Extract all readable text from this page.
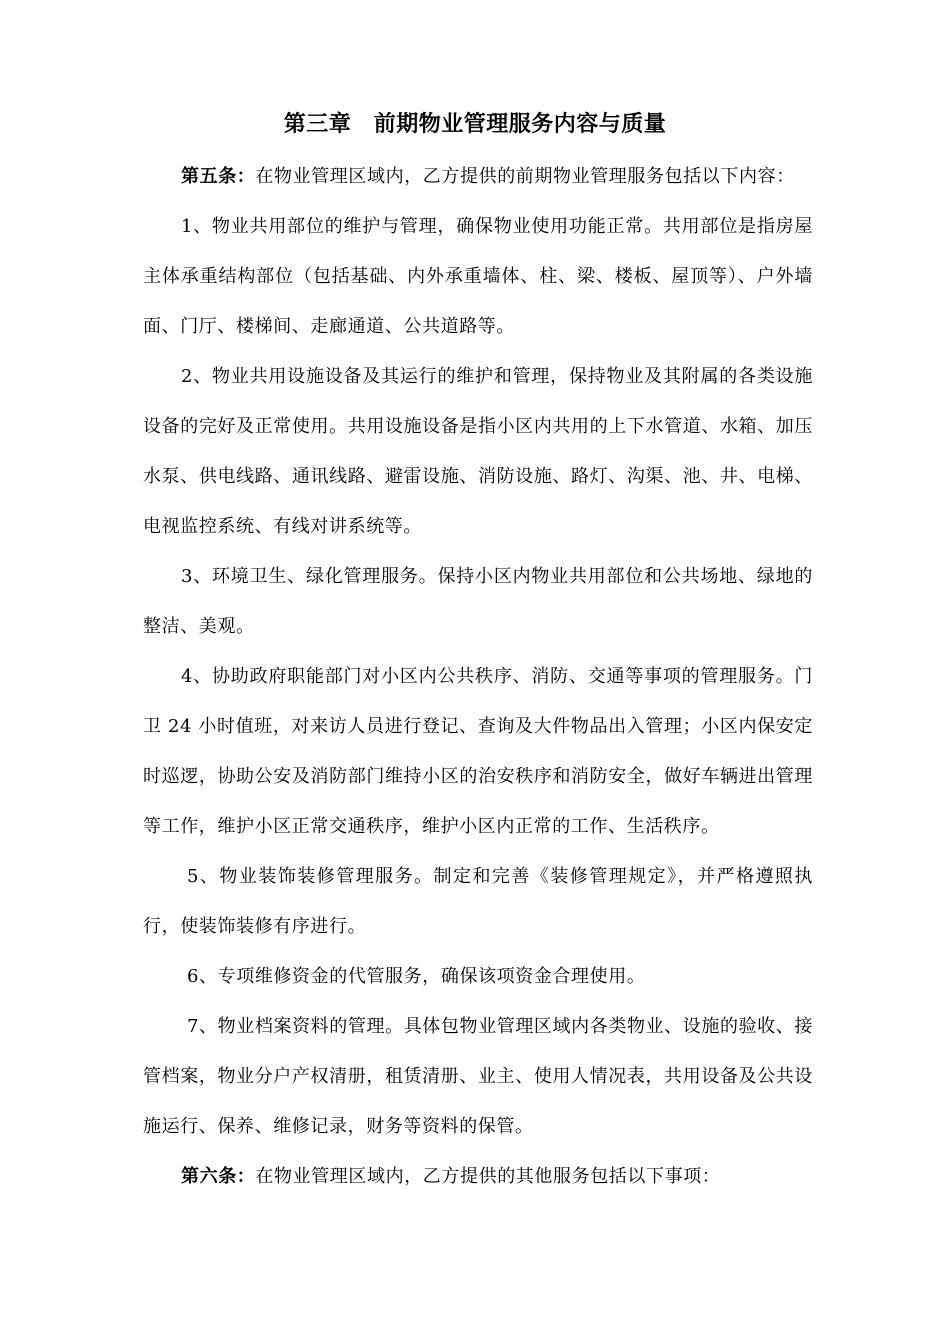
第三章　前期物业管理服务内容与质量

第五条：在物业管理区域内，乙方提供的前期物业管理服务包括以下内容：

1、物业共用部位的维护与管理，确保物业使用功能正常。共用部位是指房屋主体承重结构部位（包括基础、内外承重墙体、柱、梁、楼板、屋顶等）、户外墙面、门厅、楼梯间、走廊通道、公共道路等。

2、物业共用设施设备及其运行的维护和管理，保持物业及其附属的各类设施设备的完好及正常使用。共用设施设备是指小区内共用的上下水管道、水箱、加压水泵、供电线路、通讯线路、避雷设施、消防设施、路灯、沟渠、池、井、电梯、电视监控系统、有线对讲系统等。

3、环境卫生、绿化管理服务。保持小区内物业共用部位和公共场地、绿地的整洁、美观。

4、协助政府职能部门对小区内公共秩序、消防、交通等事项的管理服务。门卫 24 小时值班，对来访人员进行登记、查询及大件物品出入管理；小区内保安定时巡逻，协助公安及消防部门维持小区的治安秩序和消防安全，做好车辆进出管理等工作，维护小区正常交通秩序，维护小区内正常的工作、生活秩序。

5、物业装饰装修管理服务。制定和完善《装修管理规定》，并严格遵照执行，使装饰装修有序进行。

6、专项维修资金的代管服务，确保该项资金合理使用。

7、物业档案资料的管理。具体包物业管理区域内各类物业、设施的验收、接管档案，物业分户产权清册，租赁清册、业主、使用人情况表，共用设备及公共设施运行、保养、维修记录，财务等资料的保管。

第六条：在物业管理区域内，乙方提供的其他服务包括以下事项：
